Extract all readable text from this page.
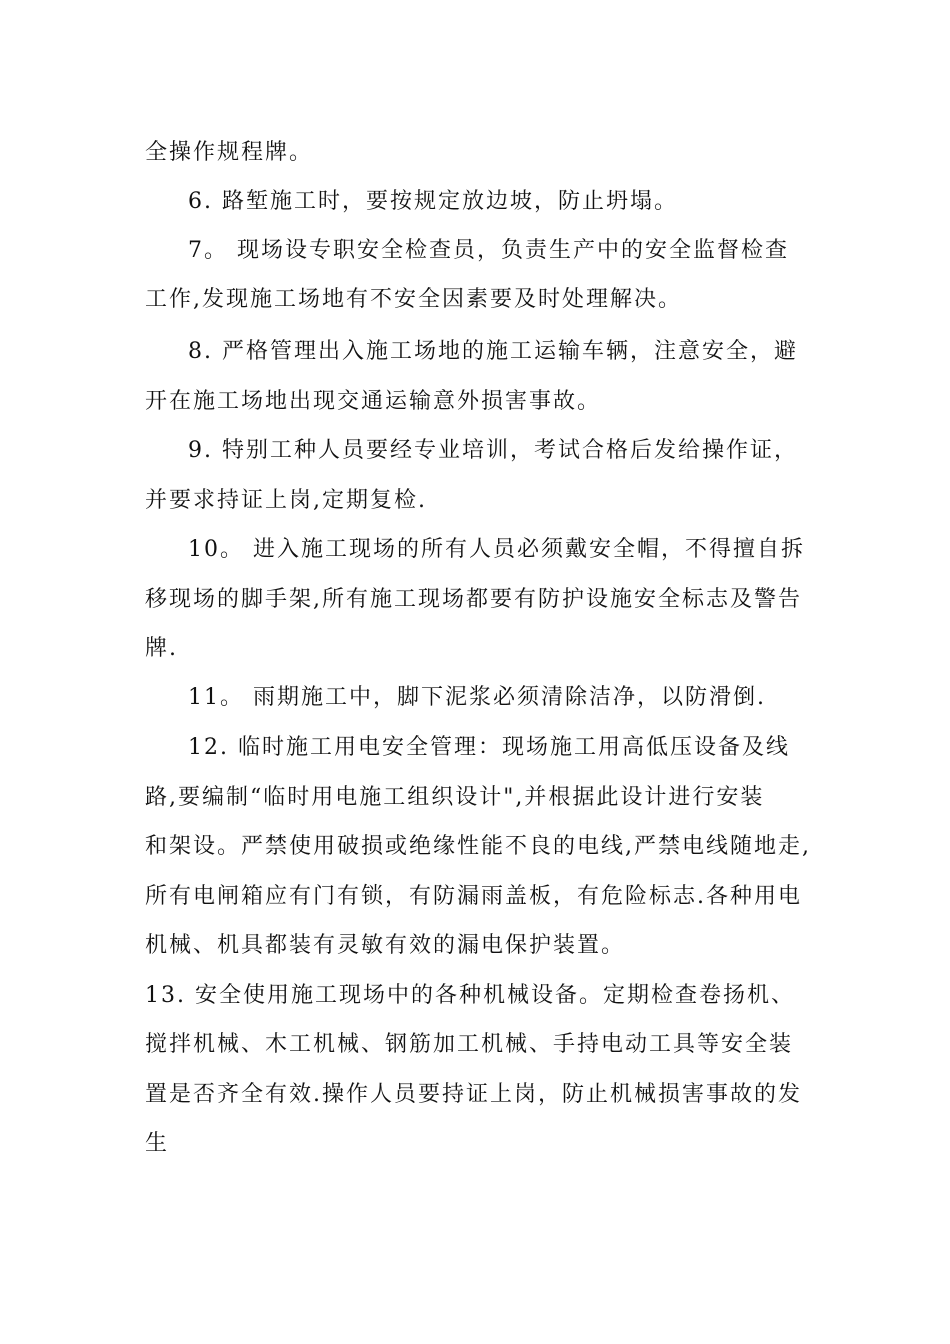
全操作规程牌。
6. 路堑施工时，要按规定放边坡，防止坍塌。
7。 现场设专职安全检查员，负责生产中的安全监督检查
工作,发现施工场地有不安全因素要及时处理解决。
8. 严格管理出入施工场地的施工运输车辆，注意安全，避
开在施工场地出现交通运输意外损害事故。
9. 特别工种人员要经专业培训，考试合格后发给操作证，
并要求持证上岗,定期复检.
10。 进入施工现场的所有人员必须戴安全帽，不得擅自拆
移现场的脚手架,所有施工现场都要有防护设施安全标志及警告
牌.
11。 雨期施工中，脚下泥浆必须清除洁净，以防滑倒.
12. 临时施工用电安全管理：现场施工用高低压设备及线
路,要编制“临时用电施工组织设计",并根据此设计进行安装
和架设。严禁使用破损或绝缘性能不良的电线,严禁电线随地走,
所有电闸箱应有门有锁，有防漏雨盖板，有危险标志.各种用电
机械、机具都装有灵敏有效的漏电保护装置。
13. 安全使用施工现场中的各种机械设备。定期检查卷扬机、
搅拌机械、木工机械、钢筋加工机械、手持电动工具等安全装
置是否齐全有效.操作人员要持证上岗，防止机械损害事故的发
生
